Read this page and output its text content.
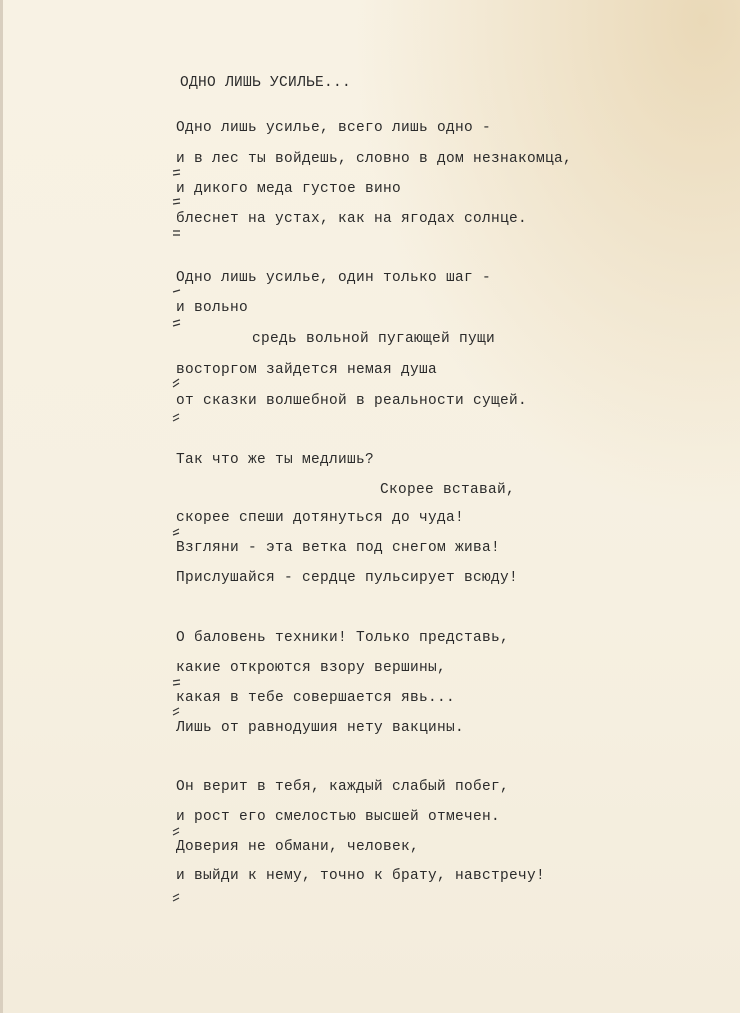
ОДНО ЛИШЬ УСИЛЬЕ...
Одно лишь усилье, всего лишь одно -
и в лес ты войдешь, словно в дом незнакомца,
и дикого меда густое вино
блеснет на устах, как на ягодах солнце.
Одно лишь усилье, один только шаг -
и вольно
средь вольной пугающей пущи
восторгом зайдется немая душа
от сказки волшебной в реальности сущей.
Так что же ты медлишь?
Скорее вставай,
скорее спеши дотянуться до чуда!
Взгляни - эта ветка под снегом жива!
Прислушайся - сердце пульсирует всюду!
О баловень техники! Только представь,
какие откроются взору вершины,
какая в тебе совершается явь...
Лишь от равнодушия нету вакцины.
Он верит в тебя, каждый слабый побег,
и рост его смелостью высшей отмечен.
Доверия не обмани, человек,
и выйди к нему, точно к брату, навстречу!
